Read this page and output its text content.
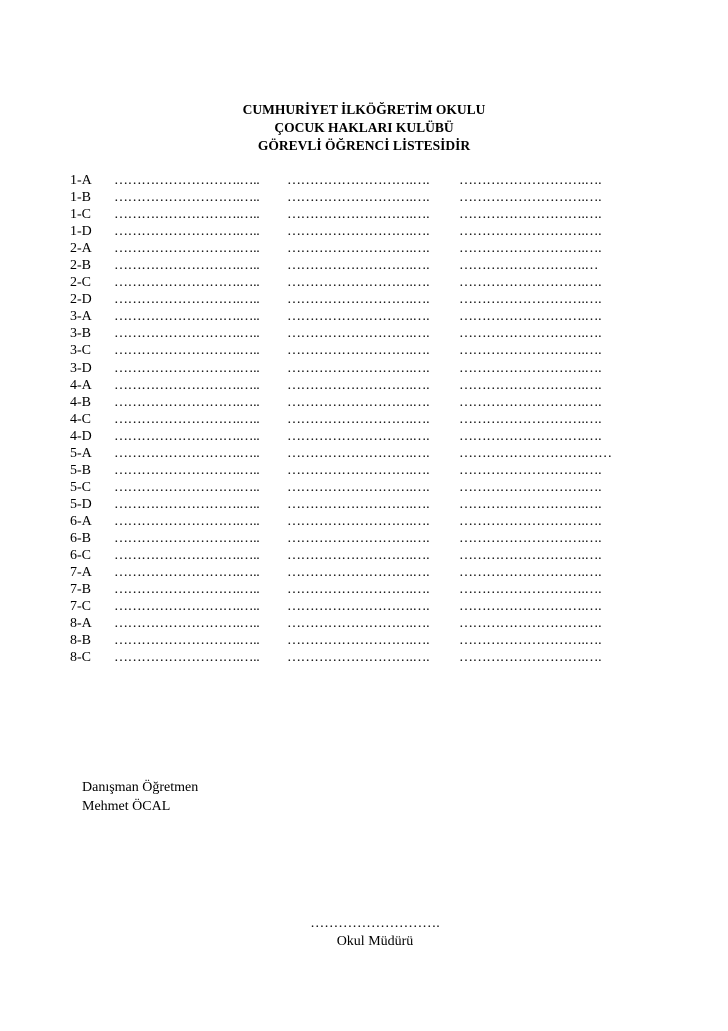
CUMHURİYET İLKÖĞRETİM OKULU
ÇOCUK HAKLARI KULÜBÜ
GÖREVLİ ÖĞRENCİ LİSTESİDİR
1-A ……………………….….. ……………………….…. ……………………….….
1-B ……………………….….. ……………………….…. ……………………….….
1-C ……………………….….. ……………………….…. ……………………….….
1-D ……………………….….. ……………………….…. ……………………….….
2-A ……………………….….. ……………………….…. ……………………….….
2-B ……………………….….. ……………………….…. ……………………….…
2-C ……………………….….. ……………………….…. ……………………….….
2-D ……………………….….. ……………………….…. ……………………….….
3-A ……………………….….. ……………………….…. ……………………….….
3-B ……………………….….. ……………………….…. ……………………….….
3-C ……………………….….. ……………………….…. ……………………….….
3-D ……………………….….. ……………………….…. ……………………….….
4-A ……………………….….. ……………………….…. ……………………….….
4-B ……………………….….. ……………………….…. ……………………….….
4-C ……………………….….. ……………………….…. ……………………….….
4-D ……………………….….. ……………………….…. ……………………….….
5-A ……………………….….. ……………………….…. ……………………….……
5-B ……………………….….. ……………………….…. ……………………….….
5-C ……………………….….. ……………………….…. ……………………….….
5-D ……………………….….. ……………………….…. ……………………….….
6-A ……………………….….. ……………………….…. ……………………….….
6-B ……………………….….. ……………………….…. ……………………….….
6-C ……………………….….. ……………………….…. ……………………….….
7-A ……………………….….. ……………………….…. ……………………….….
7-B ……………………….….. ……………………….…. ……………………….….
7-C ……………………….….. ……………………….…. ……………………….….
8-A ……………………….….. ……………………….…. ……………………….….
8-B ……………………….….. ……………………….…. ……………………….….
8-C ……………………….….. ……………………….…. ……………………….….
Danışman Öğretmen
Mehmet ÖCAL
……………………….
Okul Müdürü
